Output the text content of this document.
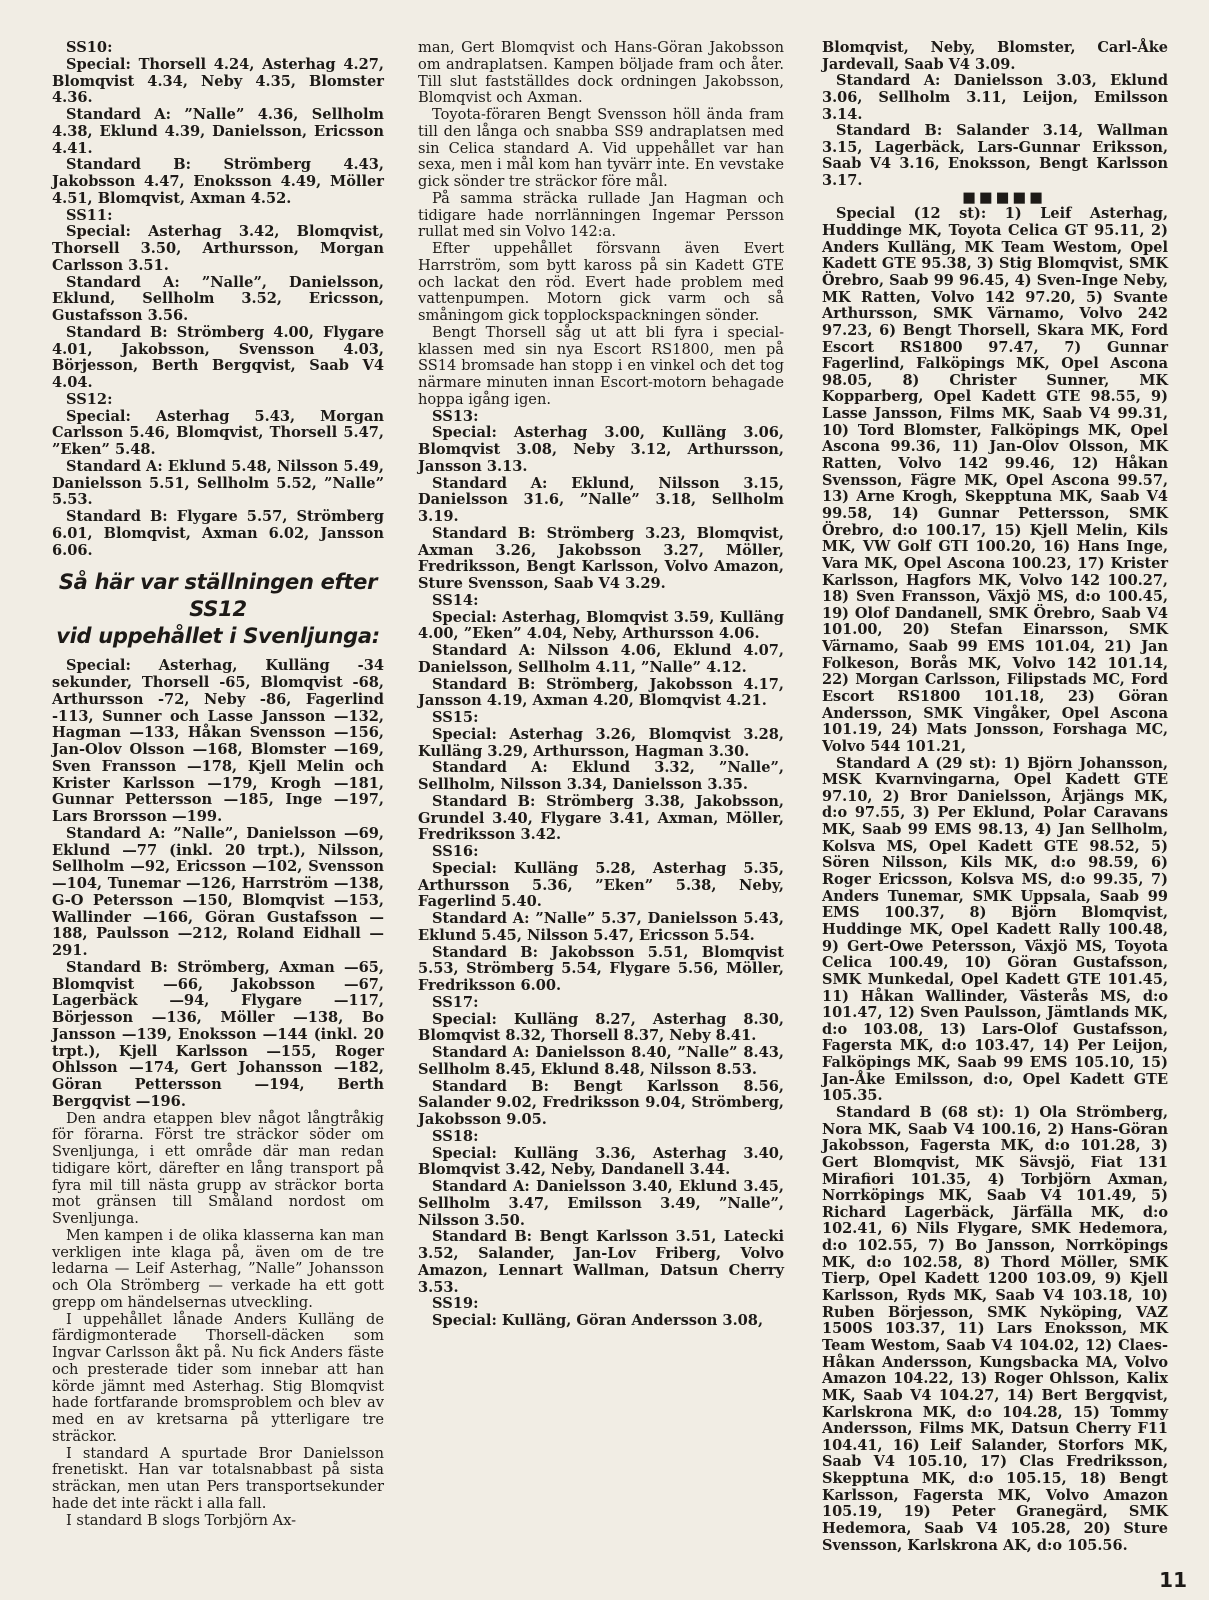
SS10:

Special: Thorsell 4.24, Asterhag 4.27, Blomqvist 4.34, Neby 4.35, Blomster 4.36.

Standard A: ”Nalle” 4.36, Sellholm 4.38, Eklund 4.39, Danielsson, Ericsson 4.41.

Standard B: Strömberg 4.43, Jakobsson 4.47, Enoksson 4.49, Möller 4.51, Blomqvist, Axman 4.52.

SS11:

Special: Asterhag 3.42, Blomqvist, Thorsell 3.50, Arthursson, Morgan Carlsson 3.51.

Standard A: ”Nalle”, Danielsson, Eklund, Sellholm 3.52, Ericsson, Gustafsson 3.56.

Standard B: Strömberg 4.00, Flygare 4.01, Jakobsson, Svensson 4.03, Börjesson, Berth Bergqvist, Saab V4 4.04.

SS12:

Special: Asterhag 5.43, Morgan Carlsson 5.46, Blomqvist, Thorsell 5.47, ”Eken” 5.48.

Standard A: Eklund 5.48, Nilsson 5.49, Danielsson 5.51, Sellholm 5.52, ”Nalle” 5.53.

Standard B: Flygare 5.57, Strömberg 6.01, Blomqvist, Axman 6.02, Jansson 6.06.

Så här var ställningen efter SS12
vid uppehållet i Svenljunga:

Special: Asterhag, Kulläng -34 sekunder, Thorsell -65, Blomqvist -68, Arthursson -72, Neby -86, Fagerlind -113, Sunner och Lasse Jansson —132, Hagman —133, Håkan Svensson —156, Jan-Olov Olsson —168, Blomster —169, Sven Fransson —178, Kjell Melin och Krister Karlsson —179, Krogh —181, Gunnar Pettersson —185, Inge —197, Lars Brorsson —199.

Standard A: ”Nalle”, Danielsson —69, Eklund —77 (inkl. 20 trpt.), Nilsson, Sellholm —92, Ericsson —102, Svensson —104, Tunemar —126, Harrström —138, G-O Petersson —150, Blomqvist —153, Wallinder —166, Göran Gustafsson —188, Paulsson —212, Roland Eidhall —291.

Standard B: Strömberg, Axman —65, Blomqvist —66, Jakobsson —67, Lagerbäck —94, Flygare —117, Börjesson —136, Möller —138, Bo Jansson —139, Enoksson —144 (inkl. 20 trpt.), Kjell Karlsson —155, Roger Ohlsson —174, Gert Johansson —182, Göran Pettersson —194, Berth Bergqvist —196.

Den andra etappen blev något långtråkig för förarna. Först tre sträckor söder om Svenljunga, i ett område där man redan tidigare kört, därefter en lång transport på fyra mil till nästa grupp av sträckor borta mot gränsen till Småland nordost om Svenljunga.

Men kampen i de olika klasserna kan man verkligen inte klaga på, även om de tre ledarna — Leif Asterhag, ”Nalle” Johansson och Ola Strömberg — verkade ha ett gott grepp om händelsernas utveckling.

I uppehållet lånade Anders Kulläng de färdigmonterade Thorsell-däcken som Ingvar Carlsson åkt på. Nu fick Anders fäste och presterade tider som innebar att han körde jämnt med Asterhag. Stig Blomqvist hade fortfarande bromsproblem och blev av med en av kretsarna på ytterligare tre sträckor.

I standard A spurtade Bror Danielsson frenetiskt. Han var totalsnabbast på sista sträckan, men utan Pers transportsekunder hade det inte räckt i alla fall.

I standard B slogs Torbjörn Ax-

man, Gert Blomqvist och Hans-Göran Jakobsson om andraplatsen. Kampen böljade fram och åter. Till slut fastställdes dock ordningen Jakobsson, Blomqvist och Axman.

Toyota-föraren Bengt Svensson höll ända fram till den långa och snabba SS9 andraplatsen med sin Celica standard A. Vid uppehållet var han sexa, men i mål kom han tyvärr inte. En vevstake gick sönder tre sträckor före mål.

På samma sträcka rullade Jan Hagman och tidigare hade norrlänningen Ingemar Persson rullat med sin Volvo 142:a.

Efter uppehållet försvann även Evert Harrström, som bytt kaross på sin Kadett GTE och lackat den röd. Evert hade problem med vattenpumpen. Motorn gick varm och så småningom gick topplockspackningen sönder.

Bengt Thorsell såg ut att bli fyra i special-klassen med sin nya Escort RS1800, men på SS14 bromsade han stopp i en vinkel och det tog närmare minuten innan Escort-motorn behagade hoppa igång igen.

SS13:

Special: Asterhag 3.00, Kulläng 3.06, Blomqvist 3.08, Neby 3.12, Arthursson, Jansson 3.13.

Standard A: Eklund, Nilsson 3.15, Danielsson 31.6, ”Nalle” 3.18, Sellholm 3.19.

Standard B: Strömberg 3.23, Blomqvist, Axman 3.26, Jakobsson 3.27, Möller, Fredriksson, Bengt Karlsson, Volvo Amazon, Sture Svensson, Saab V4 3.29.

SS14:

Special: Asterhag, Blomqvist 3.59, Kulläng 4.00, ”Eken” 4.04, Neby, Arthursson 4.06.

Standard A: Nilsson 4.06, Eklund 4.07, Danielsson, Sellholm 4.11, ”Nalle” 4.12.

Standard B: Strömberg, Jakobsson 4.17, Jansson 4.19, Axman 4.20, Blomqvist 4.21.

SS15:

Special: Asterhag 3.26, Blomqvist 3.28, Kulläng 3.29, Arthursson, Hagman 3.30.

Standard A: Eklund 3.32, ”Nalle”, Sellholm, Nilsson 3.34, Danielsson 3.35.

Standard B: Strömberg 3.38, Jakobsson, Grundel 3.40, Flygare 3.41, Axman, Möller, Fredriksson 3.42.

SS16:

Special: Kulläng 5.28, Asterhag 5.35, Arthursson 5.36, ”Eken” 5.38, Neby, Fagerlind 5.40.

Standard A: ”Nalle” 5.37, Danielsson 5.43, Eklund 5.45, Nilsson 5.47, Ericsson 5.54.

Standard B: Jakobsson 5.51, Blomqvist 5.53, Strömberg 5.54, Flygare 5.56, Möller, Fredriksson 6.00.

SS17:

Special: Kulläng 8.27, Asterhag 8.30, Blomqvist 8.32, Thorsell 8.37, Neby 8.41.

Standard A: Danielsson 8.40, ”Nalle” 8.43, Sellholm 8.45, Eklund 8.48, Nilsson 8.53.

Standard B: Bengt Karlsson 8.56, Salander 9.02, Fredriksson 9.04, Strömberg, Jakobsson 9.05.

SS18:

Special: Kulläng 3.36, Asterhag 3.40, Blomqvist 3.42, Neby, Dandanell 3.44.

Standard A: Danielsson 3.40, Eklund 3.45, Sellholm 3.47, Emilsson 3.49, ”Nalle”, Nilsson 3.50.

Standard B: Bengt Karlsson 3.51, Latecki 3.52, Salander, Jan-Lov Friberg, Volvo Amazon, Lennart Wallman, Datsun Cherry 3.53.

SS19:

Special: Kulläng, Göran Andersson 3.08,

Blomqvist, Neby, Blomster, Carl-Åke Jardevall, Saab V4 3.09.

Standard A: Danielsson 3.03, Eklund 3.06, Sellholm 3.11, Leijon, Emilsson 3.14.

Standard B: Salander 3.14, Wallman 3.15, Lagerbäck, Lars-Gunnar Eriksson, Saab V4 3.16, Enoksson, Bengt Karlsson 3.17.

■ ■ ■ ■ ■

Special (12 st): 1) Leif Asterhag, Huddinge MK, Toyota Celica GT 95.11, 2) Anders Kulläng, MK Team Westom, Opel Kadett GTE 95.38, 3) Stig Blomqvist, SMK Örebro, Saab 99 96.45, 4) Sven-Inge Neby, MK Ratten, Volvo 142 97.20, 5) Svante Arthursson, SMK Värnamo, Volvo 242 97.23, 6) Bengt Thorsell, Skara MK, Ford Escort RS1800 97.47, 7) Gunnar Fagerlind, Falköpings MK, Opel Ascona 98.05, 8) Christer Sunner, MK Kopparberg, Opel Kadett GTE 98.55, 9) Lasse Jansson, Films MK, Saab V4 99.31, 10) Tord Blomster, Falköpings MK, Opel Ascona 99.36, 11) Jan-Olov Olsson, MK Ratten, Volvo 142 99.46, 12) Håkan Svensson, Fägre MK, Opel Ascona 99.57, 13) Arne Krogh, Skepptuna MK, Saab V4 99.58, 14) Gunnar Pettersson, SMK Örebro, d:o 100.17, 15) Kjell Melin, Kils MK, VW Golf GTI 100.20, 16) Hans Inge, Vara MK, Opel Ascona 100.23, 17) Krister Karlsson, Hagfors MK, Volvo 142 100.27, 18) Sven Fransson, Växjö MS, d:o 100.45, 19) Olof Dandanell, SMK Örebro, Saab V4 101.00, 20) Stefan Einarsson, SMK Värnamo, Saab 99 EMS 101.04, 21) Jan Folkeson, Borås MK, Volvo 142 101.14, 22) Morgan Carlsson, Filipstads MC, Ford Escort RS1800 101.18, 23) Göran Andersson, SMK Vingåker, Opel Ascona 101.19, 24) Mats Jonsson, Forshaga MC, Volvo 544 101.21,

Standard A (29 st): 1) Björn Johansson, MSK Kvarnvingarna, Opel Kadett GTE 97.10, 2) Bror Danielsson, Årjängs MK, d:o 97.55, 3) Per Eklund, Polar Caravans MK, Saab 99 EMS 98.13, 4) Jan Sellholm, Kolsva MS, Opel Kadett GTE 98.52, 5) Sören Nilsson, Kils MK, d:o 98.59, 6) Roger Ericsson, Kolsva MS, d:o 99.35, 7) Anders Tunemar, SMK Uppsala, Saab 99 EMS 100.37, 8) Björn Blomqvist, Huddinge MK, Opel Kadett Rally 100.48, 9) Gert-Owe Petersson, Växjö MS, Toyota Celica 100.49, 10) Göran Gustafsson, SMK Munkedal, Opel Kadett GTE 101.45, 11) Håkan Wallinder, Västerås MS, d:o 101.47, 12) Sven Paulsson, Jämtlands MK, d:o 103.08, 13) Lars-Olof Gustafsson, Fagersta MK, d:o 103.47, 14) Per Leijon, Falköpings MK, Saab 99 EMS 105.10, 15) Jan-Åke Emilsson, d:o, Opel Kadett GTE 105.35.

Standard B (68 st): 1) Ola Strömberg, Nora MK, Saab V4 100.16, 2) Hans-Göran Jakobsson, Fagersta MK, d:o 101.28, 3) Gert Blomqvist, MK Sävsjö, Fiat 131 Mirafiori 101.35, 4) Torbjörn Axman, Norrköpings MK, Saab V4 101.49, 5) Richard Lagerbäck, Järfälla MK, d:o 102.41, 6) Nils Flygare, SMK Hedemora, d:o 102.55, 7) Bo Jansson, Norrköpings MK, d:o 102.58, 8) Thord Möller, SMK Tierp, Opel Kadett 1200 103.09, 9) Kjell Karlsson, Ryds MK, Saab V4 103.18, 10) Ruben Börjesson, SMK Nyköping, VAZ 1500S 103.37, 11) Lars Enoksson, MK Team Westom, Saab V4 104.02, 12) Claes-Håkan Andersson, Kungsbacka MA, Volvo Amazon 104.22, 13) Roger Ohlsson, Kalix MK, Saab V4 104.27, 14) Bert Bergqvist, Karlskrona MK, d:o 104.28, 15) Tommy Andersson, Films MK, Datsun Cherry F11 104.41, 16) Leif Salander, Storfors MK, Saab V4 105.10, 17) Clas Fredriksson, Skepptuna MK, d:o 105.15, 18) Bengt Karlsson, Fagersta MK, Volvo Amazon 105.19, 19) Peter Granegärd, SMK Hedemora, Saab V4 105.28, 20) Sture Svensson, Karlskrona AK, d:o 105.56.

11
